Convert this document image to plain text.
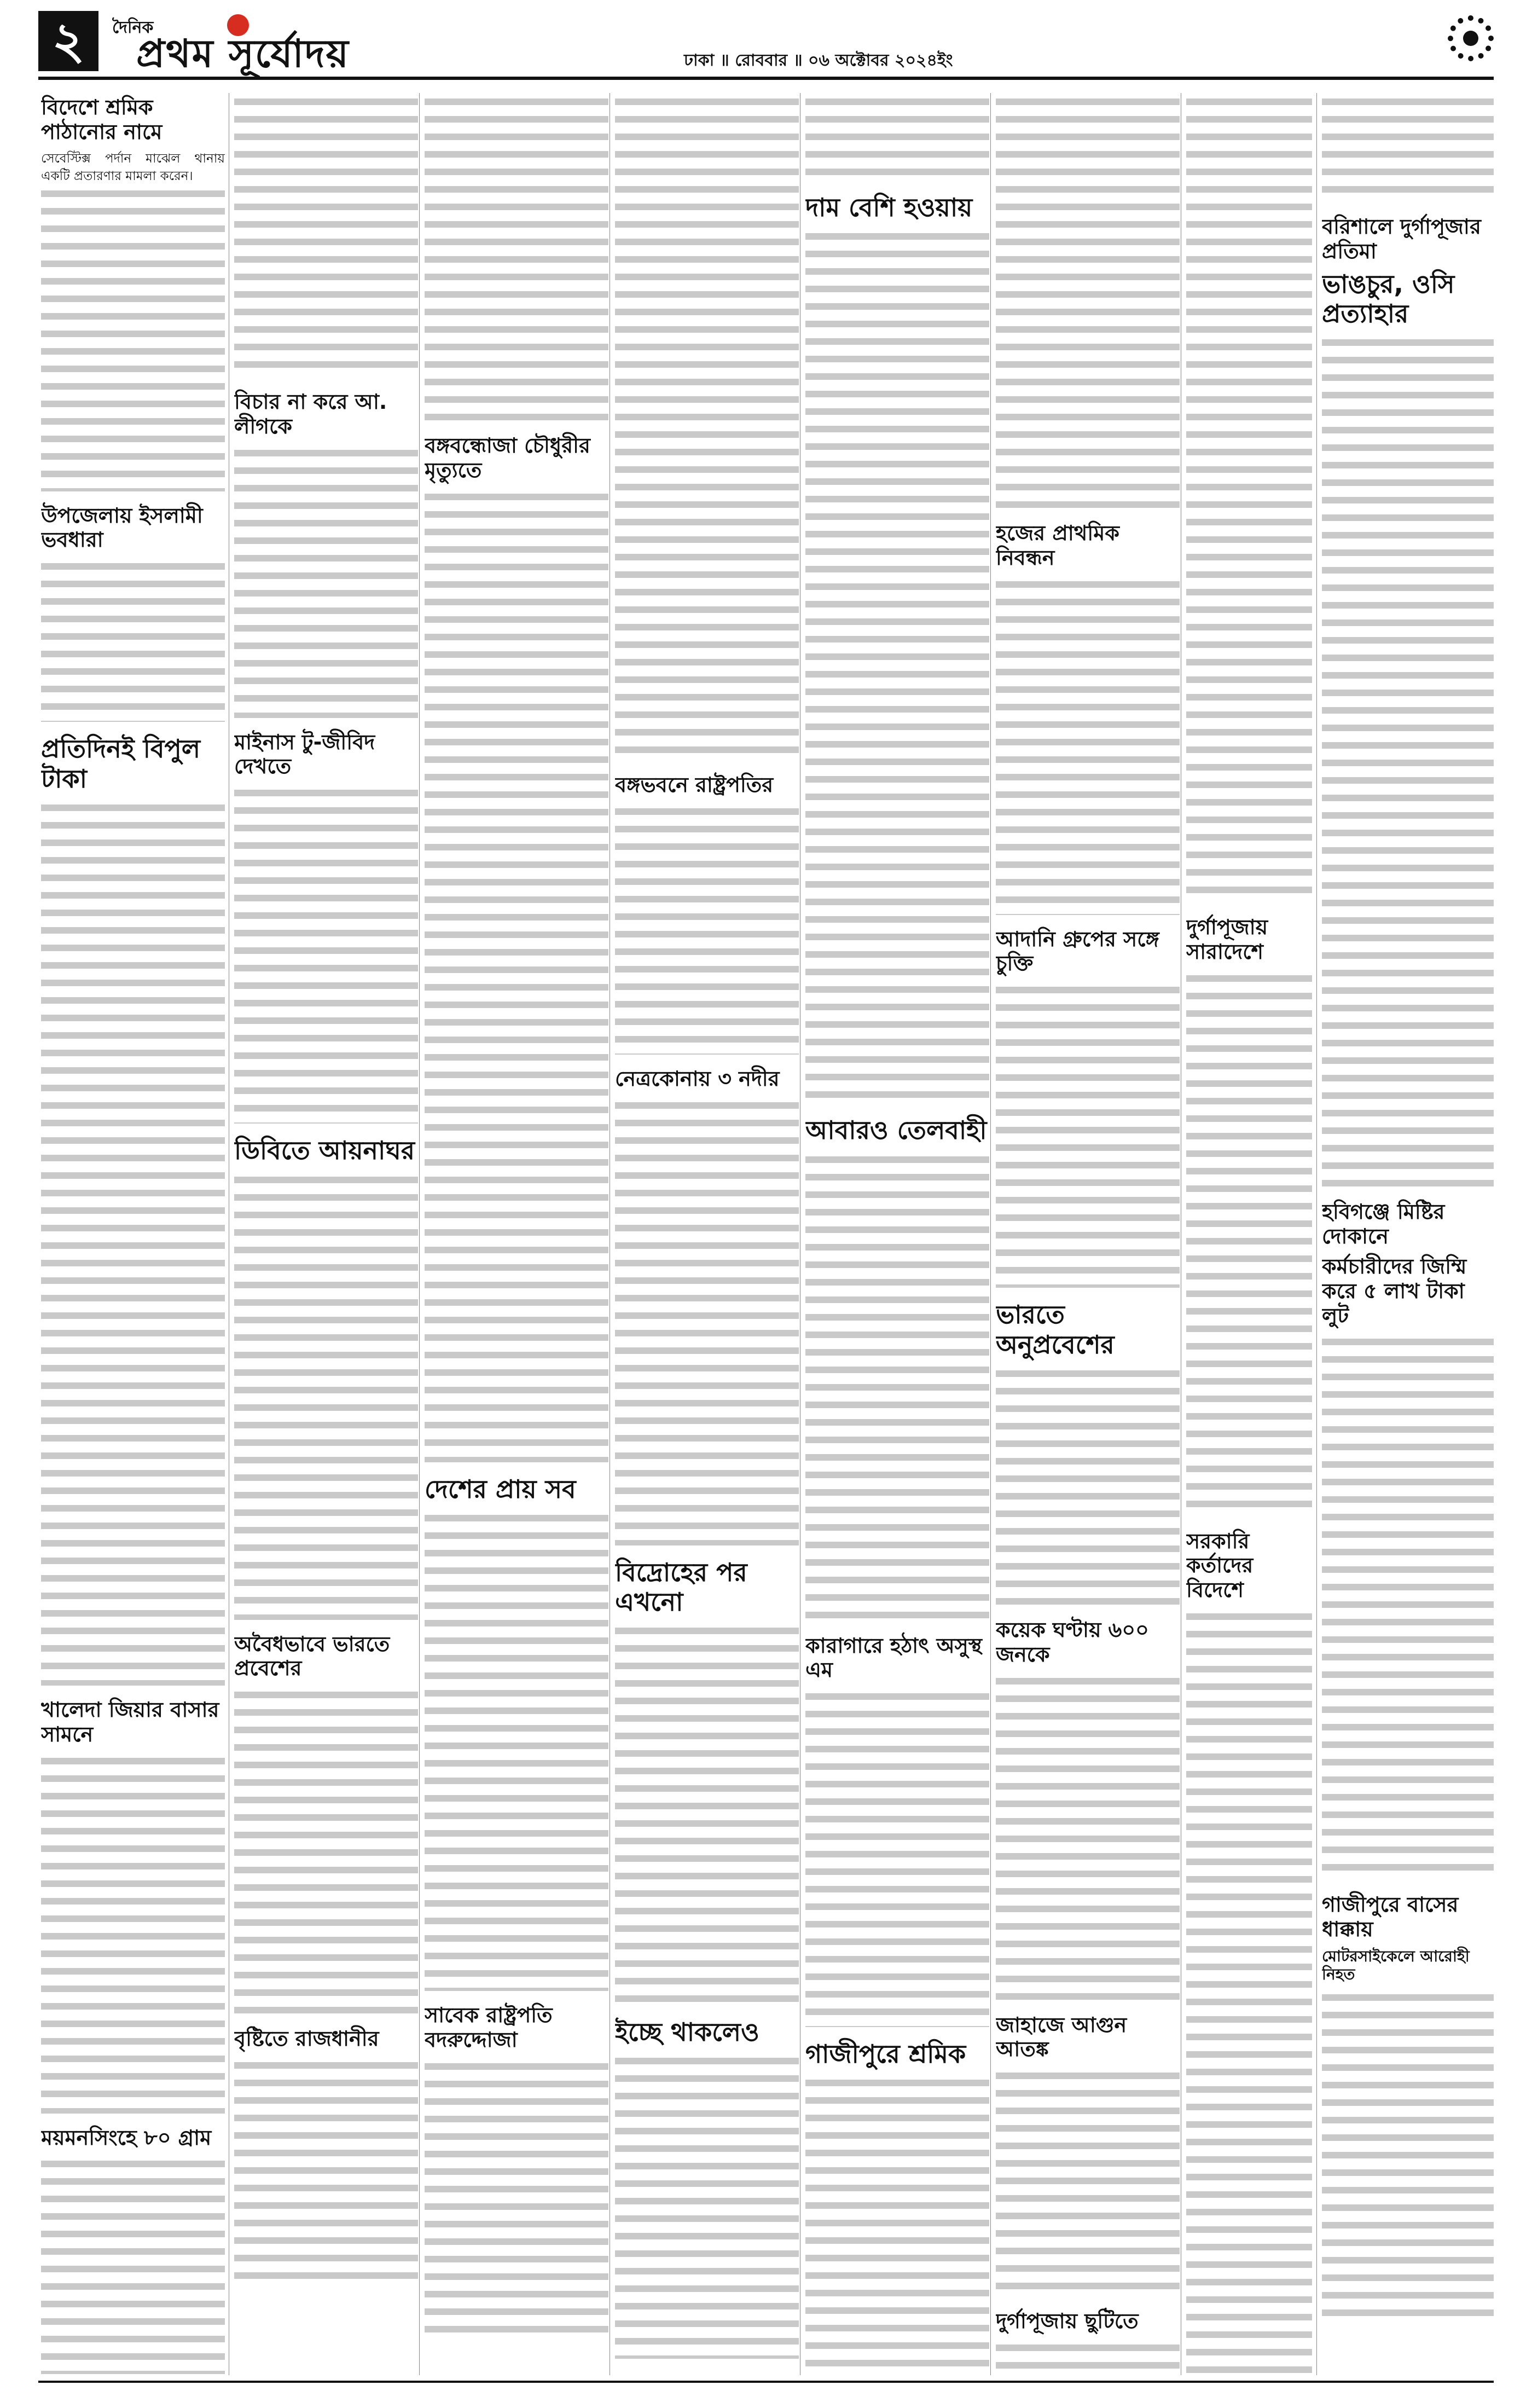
২	দৈনিক
প্রথম সূর্যোদয়	ঢাকা ॥ রোববার ॥ ০৬ অক্টোবর ২০২৪ইং
বিদেশে শ্রমিক পাঠানোর নামে

সেবেস্টিক্স পর্দান মাঝেল থানায় একটি প্রতারণার মামলা করেন।

উপজেলায় ইসলামী ভবধারা
প্রতিদিনই বিপুল টাকা
খালেদা জিয়ার বাসার সামনে
ময়মনসিংহে ৮০ গ্রাম
বিচার না করে আ. লীগকে
মাইনাস টু-জীবিদ দেখতে
ডিবিতে আয়নাঘর
অবৈধভাবে ভারতে প্রবেশের
বৃষ্টিতে রাজধানীর
বঙ্গবন্ধোজা চৌধুরীর মৃত্যুতে
দেশের প্রায় সব
সাবেক রাষ্ট্রপতি বদরুদ্দোজা
বঙ্গভবনে রাষ্ট্রপতির
নেত্রকোনায় ৩ নদীর
বিদ্রোহের পর এখনো
ইচ্ছে থাকলেও
দাম বেশি হওয়ায়
আবারও তেলবাহী
কারাগারে হঠাৎ অসুস্থ এম
গাজীপুরে শ্রমিক
হজের প্রাথমিক নিবন্ধন
আদানি গ্রুপের সঙ্গে চুক্তি
ভারতে অনুপ্রবেশের
কয়েক ঘণ্টায় ৬০০ জনকে
জাহাজে আগুন আতঙ্ক
দুর্গাপূজায় ছুটিতে
দুর্গাপূজায় সারাদেশে
সরকারি কর্তাদের বিদেশে
বরিশালে দুর্গাপূজার প্রতিমা
ভাঙচুর, ওসি প্রত্যাহার
হবিগঞ্জে মিষ্টির দোকানে
কর্মচারীদের জিম্মি করে ৫ লাখ টাকা লুট
গাজীপুরে বাসের ধাক্কায়
মোটরসাইকেলে আরোহী নিহত
